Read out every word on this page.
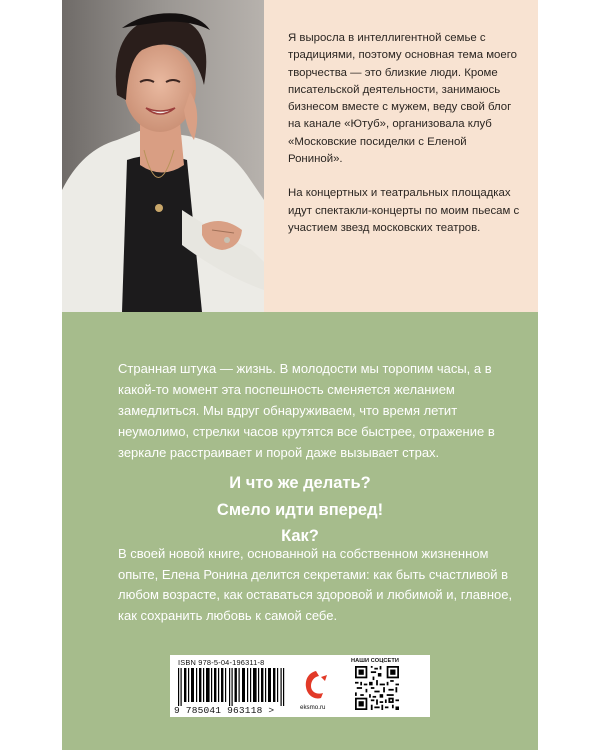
Я выросла в интеллигентной семье с традициями, поэтому основная тема моего творчества — это близкие люди. Кроме писательской деятельности, занимаюсь бизнесом вместе с мужем, веду свой блог на канале «Ютуб», организовала клуб «Московские посиделки с Еленой Рониной».

На концертных и театральных площадках идут спектакли-концерты по моим пьесам с участием звезд московских театров.

Странная штука — жизнь. В молодости мы торопим часы, а в какой-то момент эта поспешность сменяется желанием замедлиться. Мы вдруг обнаруживаем, что время летит неумолимо, стрелки часов крутятся все быстрее, отражение в зеркале расстраивает и порой даже вызывает страх.

И что же делать?
Смело идти вперед!
Как?

В своей новой книге, основанной на собственном жизненном опыте, Елена Ронина делится секретами: как быть счастливой в любом возрасте, как оставаться здоровой и любимой и, главное, как сохранить любовь к самой себе.

ISBN 978-5-04-196311-8
9 785041 963118 >	eksmo.ru
НАШИ СОЦСЕТИ
